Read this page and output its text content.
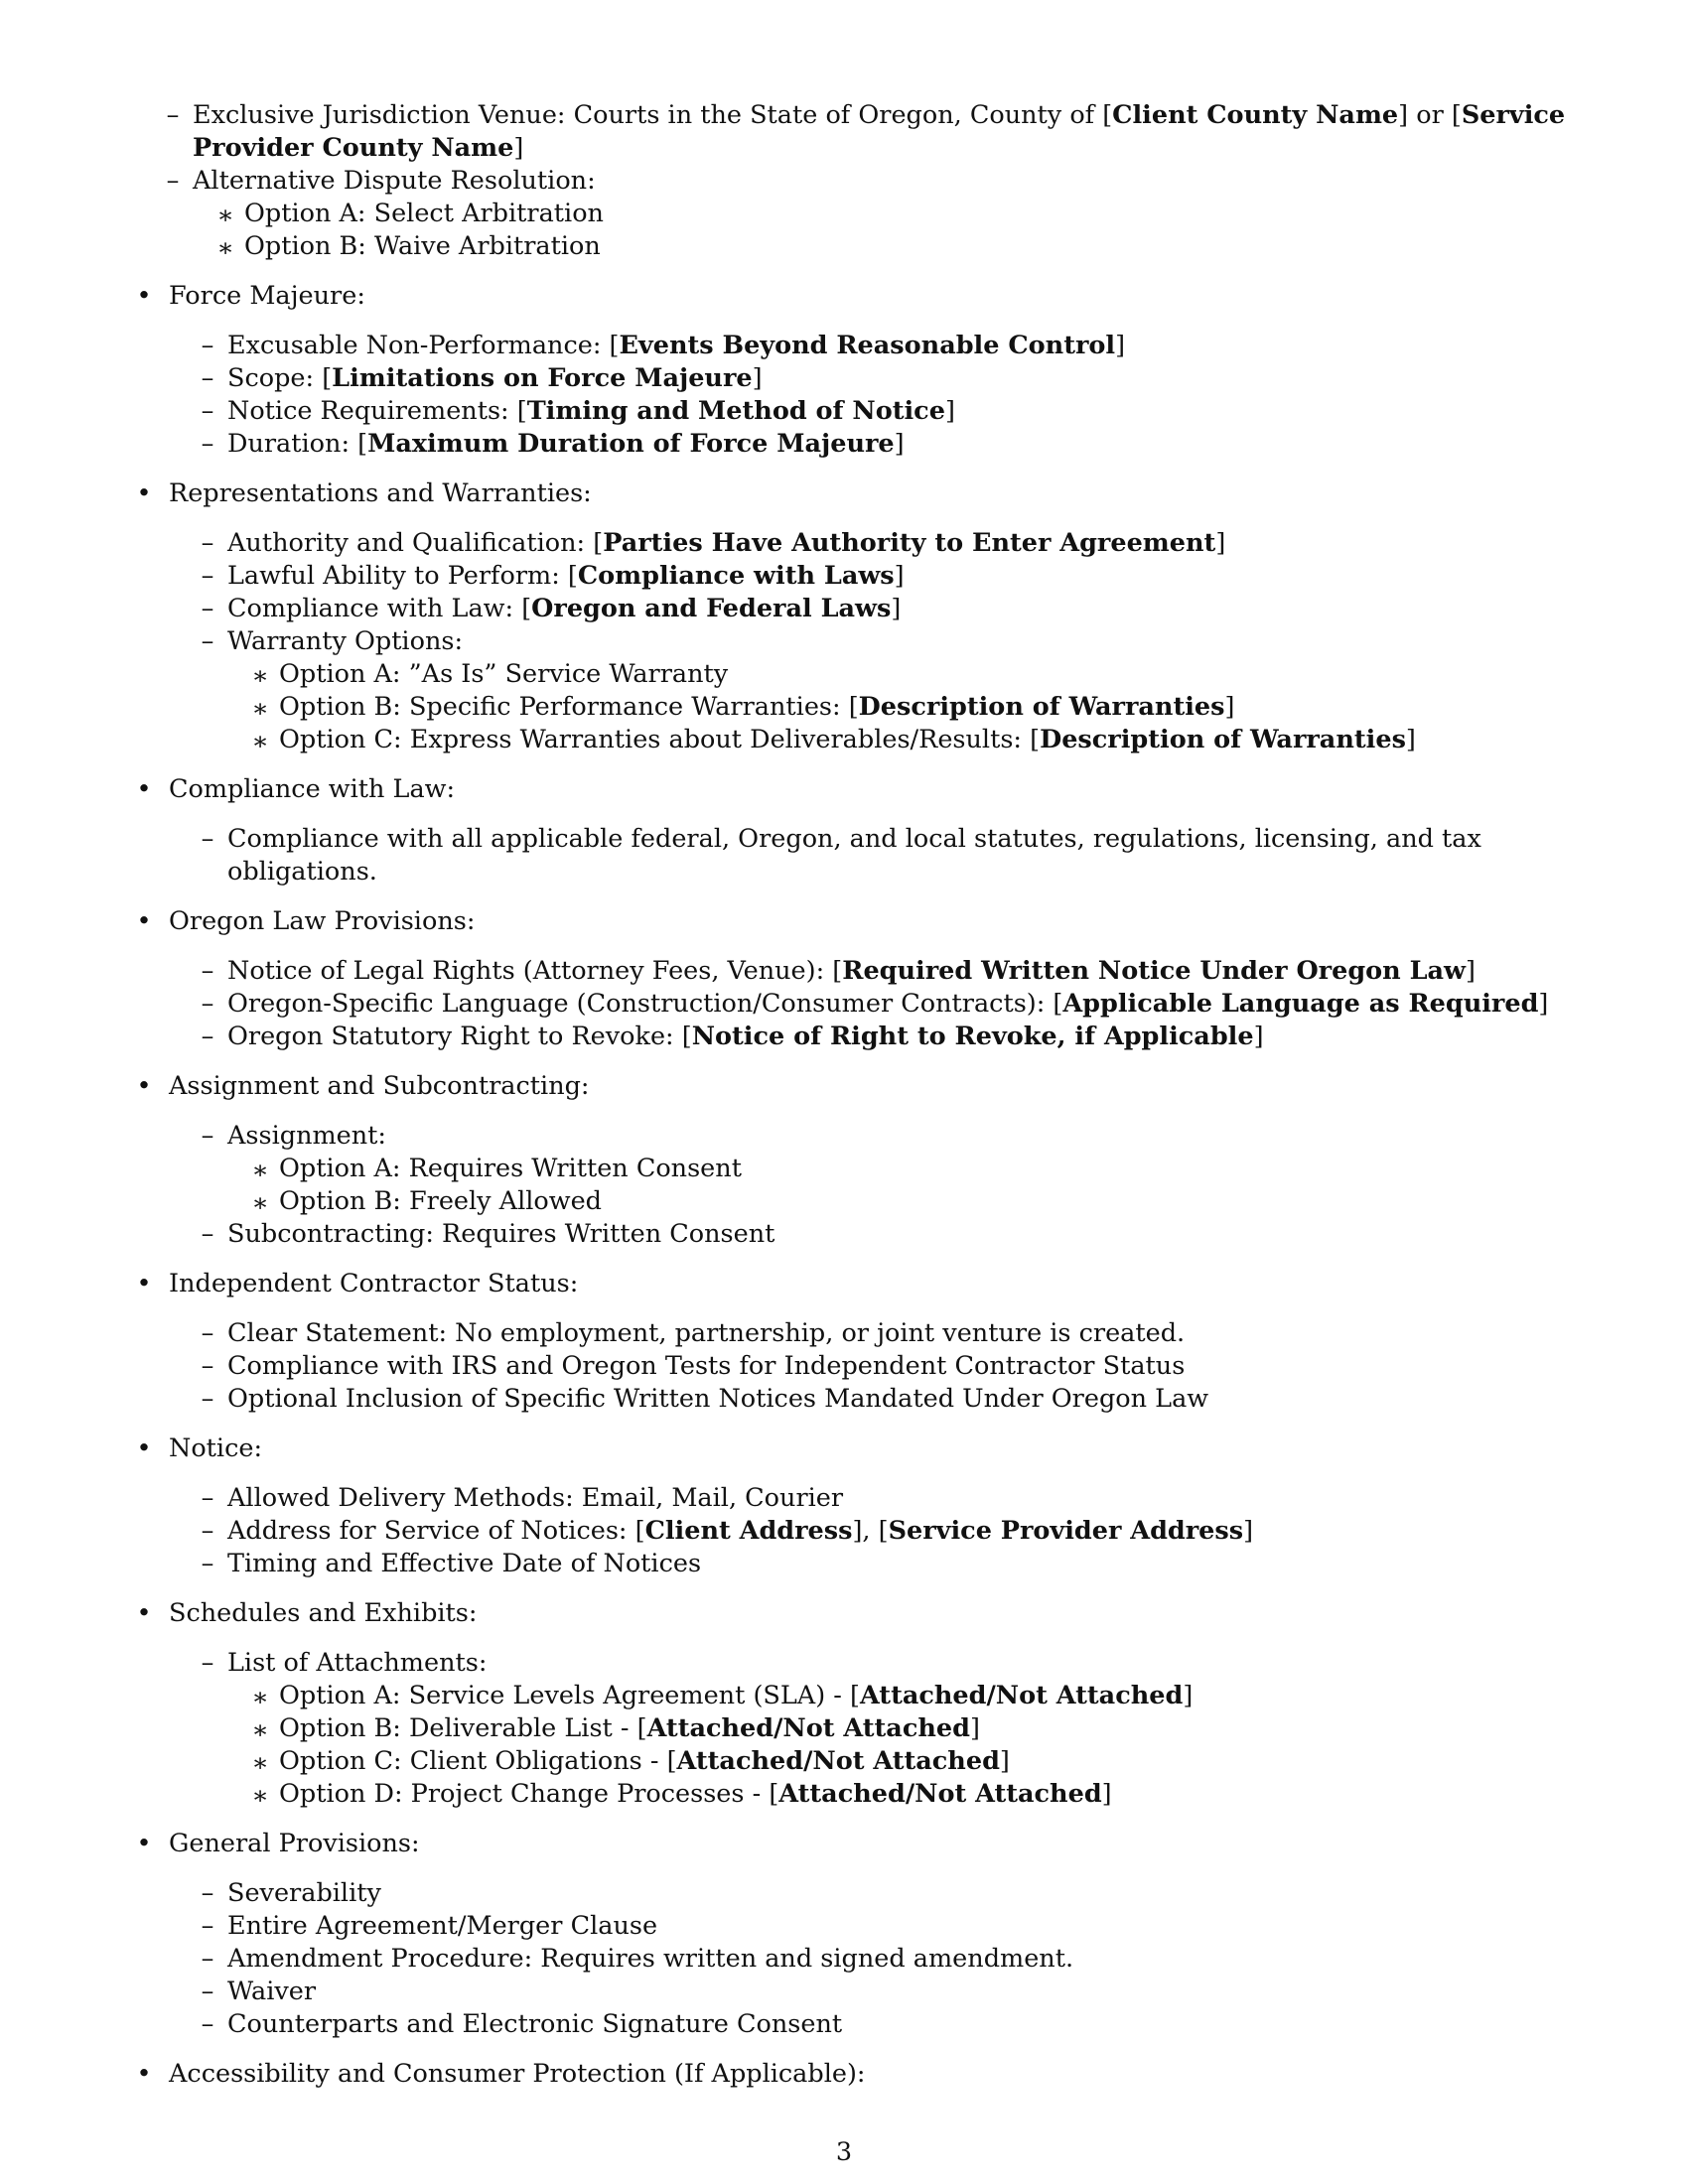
– Exclusive Jurisdiction Venue: Courts in the State of Oregon, County of [Client County Name] or [Service Provider County Name]
– Alternative Dispute Resolution:
∗ Option A: Select Arbitration
∗ Option B: Waive Arbitration
• Force Majeure:
– Excusable Non-Performance: [Events Beyond Reasonable Control]
– Scope: [Limitations on Force Majeure]
– Notice Requirements: [Timing and Method of Notice]
– Duration: [Maximum Duration of Force Majeure]
• Representations and Warranties:
– Authority and Qualification: [Parties Have Authority to Enter Agreement]
– Lawful Ability to Perform: [Compliance with Laws]
– Compliance with Law: [Oregon and Federal Laws]
– Warranty Options:
∗ Option A: ”As Is” Service Warranty
∗ Option B: Specific Performance Warranties: [Description of Warranties]
∗ Option C: Express Warranties about Deliverables/Results: [Description of Warranties]
• Compliance with Law:
– Compliance with all applicable federal, Oregon, and local statutes, regulations, licensing, and tax obligations.
• Oregon Law Provisions:
– Notice of Legal Rights (Attorney Fees, Venue): [Required Written Notice Under Oregon Law]
– Oregon-Specific Language (Construction/Consumer Contracts): [Applicable Language as Required]
– Oregon Statutory Right to Revoke: [Notice of Right to Revoke, if Applicable]
• Assignment and Subcontracting:
– Assignment:
∗ Option A: Requires Written Consent
∗ Option B: Freely Allowed
– Subcontracting: Requires Written Consent
• Independent Contractor Status:
– Clear Statement: No employment, partnership, or joint venture is created.
– Compliance with IRS and Oregon Tests for Independent Contractor Status
– Optional Inclusion of Specific Written Notices Mandated Under Oregon Law
• Notice:
– Allowed Delivery Methods: Email, Mail, Courier
– Address for Service of Notices: [Client Address], [Service Provider Address]
– Timing and Effective Date of Notices
• Schedules and Exhibits:
– List of Attachments:
∗ Option A: Service Levels Agreement (SLA) - [Attached/Not Attached]
∗ Option B: Deliverable List - [Attached/Not Attached]
∗ Option C: Client Obligations - [Attached/Not Attached]
∗ Option D: Project Change Processes - [Attached/Not Attached]
• General Provisions:
– Severability
– Entire Agreement/Merger Clause
– Amendment Procedure: Requires written and signed amendment.
– Waiver
– Counterparts and Electronic Signature Consent
• Accessibility and Consumer Protection (If Applicable):
3
